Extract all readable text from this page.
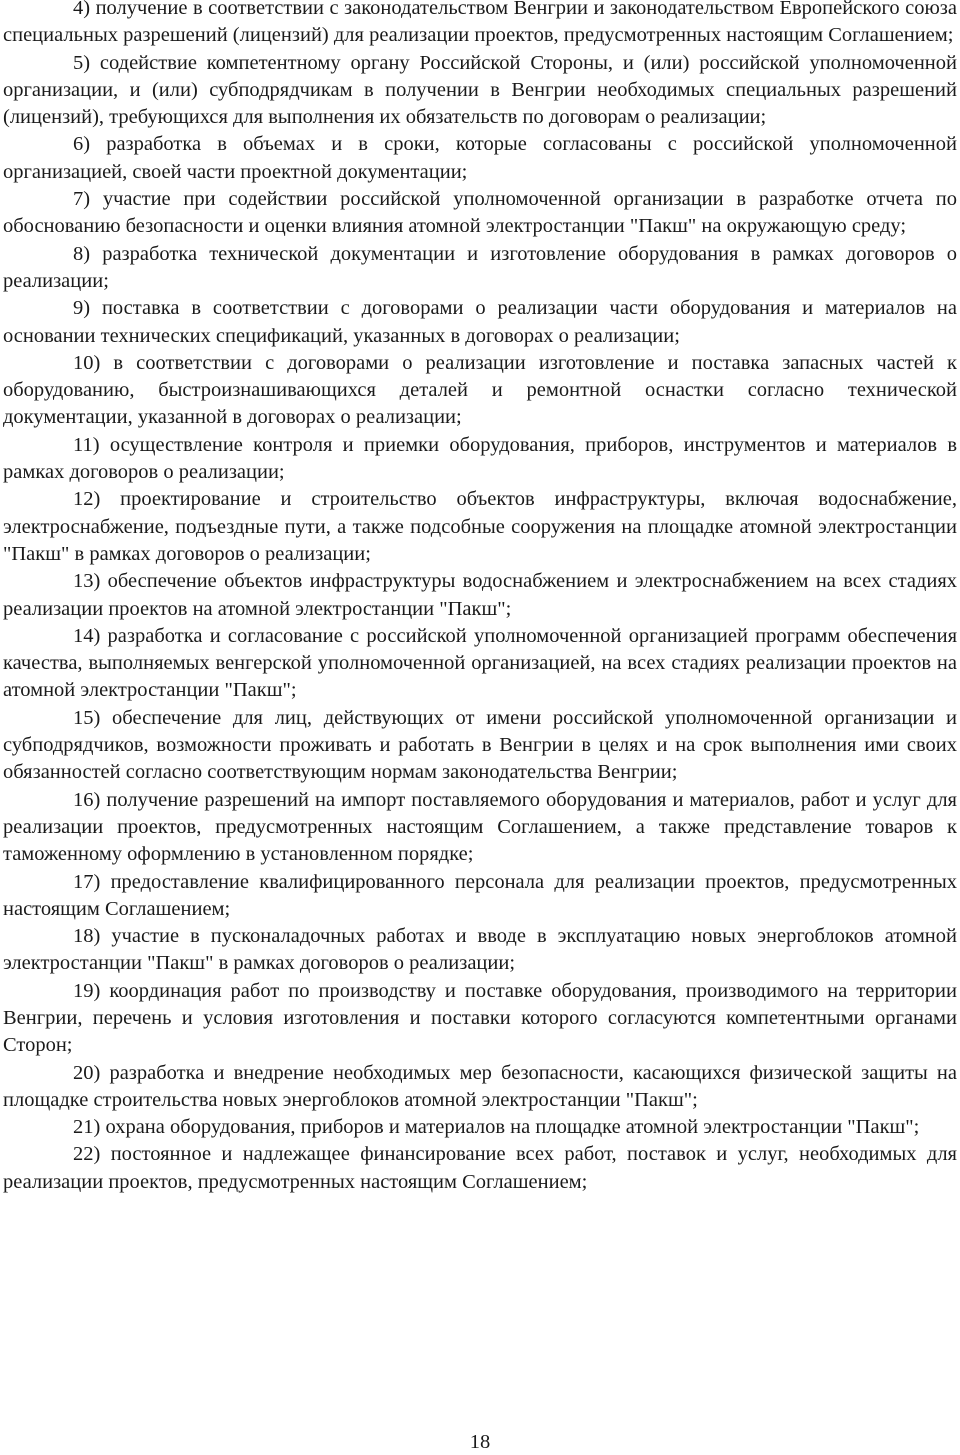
4) получение в соответствии с законодательством Венгрии и законодательством Европейского союза специальных разрешений (лицензий) для реализации проектов, предусмотренных настоящим Соглашением;

5) содействие компетентному органу Российской Стороны, и (или) российской уполномоченной организации, и (или) субподрядчикам в получении в Венгрии необходимых специальных разрешений (лицензий), требующихся для выполнения их обязательств по договорам о реализации;

6) разработка в объемах и в сроки, которые согласованы с российской уполномоченной организацией, своей части проектной документации;

7) участие при содействии российской уполномоченной организации в разработке отчета по обоснованию безопасности и оценки влияния атомной электростанции "Пакш" на окружающую среду;

8) разработка технической документации и изготовление оборудования в рамках договоров о реализации;

9) поставка в соответствии с договорами о реализации части оборудования и материалов на основании технических спецификаций, указанных в договорах о реализации;

10) в соответствии с договорами о реализации изготовление и поставка запасных частей к оборудованию, быстроизнашивающихся деталей и ремонтной оснастки согласно технической документации, указанной в договорах о реализации;

11) осуществление контроля и приемки оборудования, приборов, инструментов и материалов в рамках договоров о реализации;

12) проектирование и строительство объектов инфраструктуры, включая водоснабжение, электроснабжение, подъездные пути, а также подсобные сооружения на площадке атомной электростанции "Пакш" в рамках договоров о реализации;

13) обеспечение объектов инфраструктуры водоснабжением и электроснабжением на всех стадиях реализации проектов на атомной электростанции "Пакш";

14) разработка и согласование с российской уполномоченной организацией программ обеспечения качества, выполняемых венгерской уполномоченной организацией, на всех стадиях реализации проектов на атомной электростанции "Пакш";

15) обеспечение для лиц, действующих от имени российской уполномоченной организации и субподрядчиков, возможности проживать и работать в Венгрии в целях и на срок выполнения ими своих обязанностей согласно соответствующим нормам законодательства Венгрии;

16) получение разрешений на импорт поставляемого оборудования и материалов, работ и услуг для реализации проектов, предусмотренных настоящим Соглашением, а также представление товаров к таможенному оформлению в установленном порядке;

17) предоставление квалифицированного персонала для реализации проектов, предусмотренных настоящим Соглашением;

18) участие в пусконаладочных работах и вводе в эксплуатацию новых энергоблоков атомной электростанции "Пакш" в рамках договоров о реализации;

19) координация работ по производству и поставке оборудования, производимого на территории Венгрии, перечень и условия изготовления и поставки которого согласуются компетентными органами Сторон;

20) разработка и внедрение необходимых мер безопасности, касающихся физической защиты на площадке строительства новых энергоблоков атомной электростанции "Пакш";

21) охрана оборудования, приборов и материалов на площадке атомной электростанции "Пакш";

22) постоянное и надлежащее финансирование всех работ, поставок и услуг, необходимых для реализации проектов, предусмотренных настоящим Соглашением;

18
